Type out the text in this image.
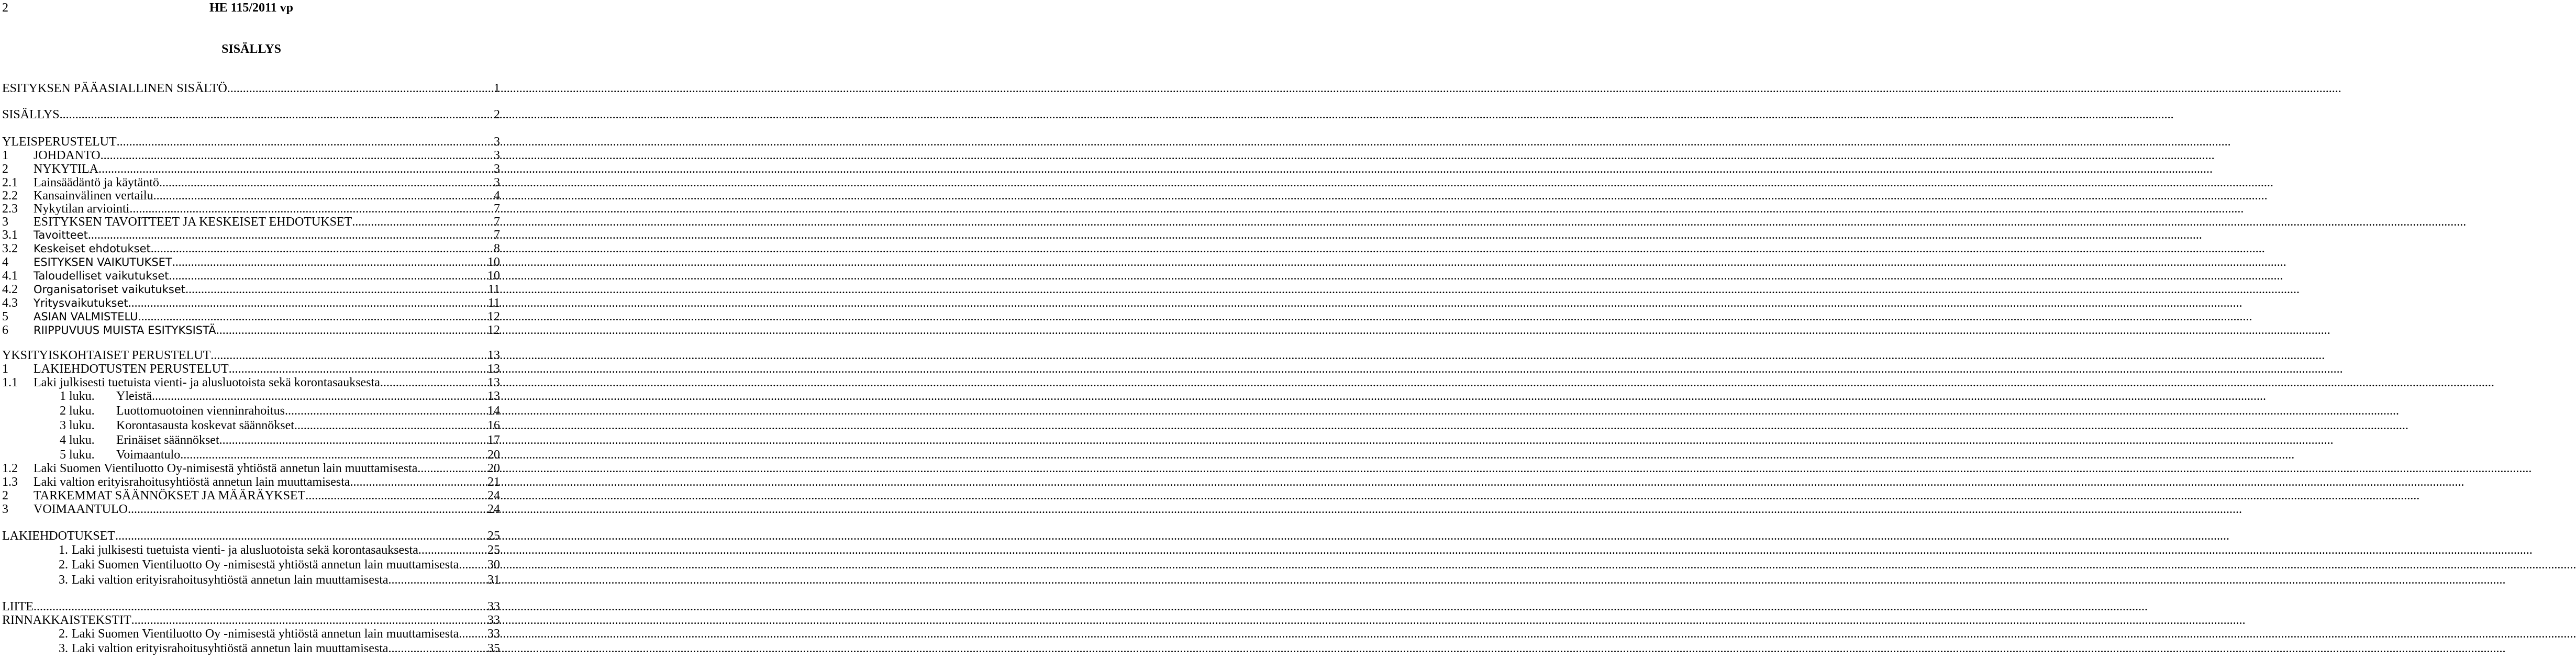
2	HE 115/2011 vp
SISÄLLYS
ESITYKSEN PÄÄASIALLINEN SISÄLTÖ .....	1
SISÄLLYS .....	2
YLEISPERUSTELUT .....	3
1	JOHDANTO .....	3
2	NYKYTILA .....	3
2.1	Lainsäädäntö ja käytäntö .....	3
2.2	Kansainvälinen vertailu .....	4
2.3	Nykytilan arviointi .....	7
3	ESITYKSEN TAVOITTEET JA KESKEISET EHDOTUKSET .....	7
3.1	Tavoitteet .....	7
3.2	Keskeiset ehdotukset .....	8
4	ESITYKSEN VAIKUTUKSET .....	10
4.1	Taloudelliset vaikutukset .....	10
4.2	Organisatoriset vaikutukset .....	11
4.3	Yritysvaikutukset .....	11
5	ASIAN VALMISTELU .....	12
6	RIIPPUVUUS MUISTA ESITYKSISTÄ .....	12
YKSITYISKOHTAISET PERUSTELUT .....	13
1	LAKIEHDOTUSTEN PERUSTELUT .....	13
1.1	Laki julkisesti tuetuista vienti- ja alusluotoista sekä korontasauksesta .....	13
1 luku.	Yleistä .....	13
2 luku.	Luottomuotoinen vienninrahoitus .....	14
3 luku.	Korontasausta koskevat säännökset .....	16
4 luku.	Erinäiset säännökset .....	17
5 luku.	Voimaantulo .....	20
1.2	Laki Suomen Vientiluotto Oy-nimisestä yhtiöstä annetun lain muuttamisesta .....	20
1.3	Laki valtion erityisrahoitusyhtiöstä annetun lain muuttamisesta .....	21
2	TARKEMMAT SÄÄNNÖKSET JA MÄÄRÄYKSET .....	24
3	VOIMAANTULO .....	24
LAKIEHDOTUKSET .....	25
1. Laki julkisesti tuetuista vienti- ja alusluotoista sekä korontasauksesta .....	25
2. Laki Suomen Vientiluotto Oy -nimisestä yhtiöstä annetun lain muuttamisesta. ..... 30
3. Laki valtion erityisrahoitusyhtiöstä annetun lain muuttamisesta. .....	31
LIITE .....	33
RINNAKKAISTEKSTIT .....	33
2. Laki Suomen Vientiluotto Oy -nimisestä yhtiöstä annetun lain muuttamisesta. ..... 33
3. Laki valtion erityisrahoitusyhtiöstä annetun lain muuttamisesta. .....	35
